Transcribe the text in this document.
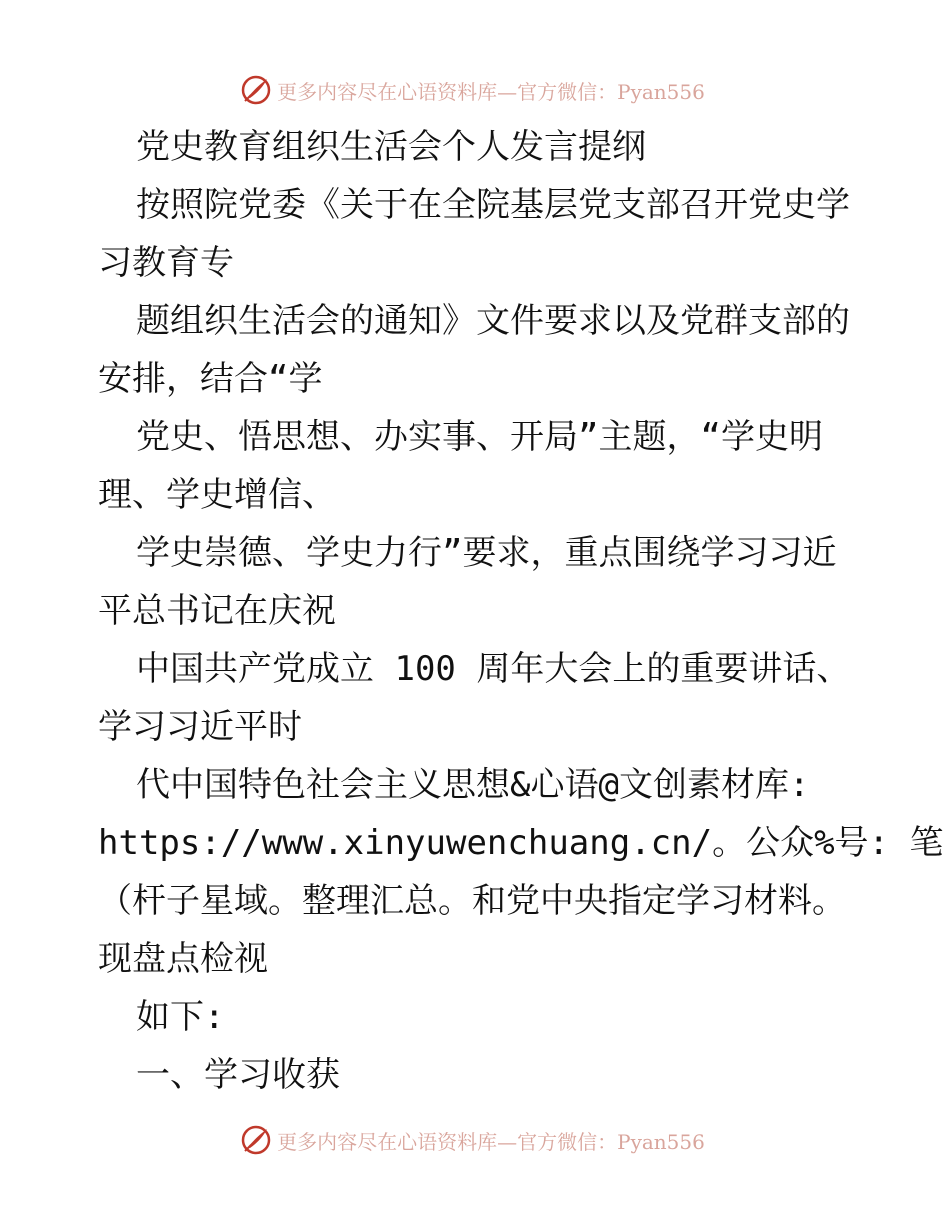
更多内容尽在心语资料库—官方微信：Pyan556
党史教育组织生活会个人发言提纲
按照院党委《关于在全院基层党支部召开党史学
习教育专
题组织生活会的通知》文件要求以及党群支部的
安排，结合“学
党史、悟思想、办实事、开局”主题，“学史明
理、学史增信、
学史崇德、学史力行”要求，重点围绕学习习近
平总书记在庆祝
中国共产党成立 100 周年大会上的重要讲话、
学习习近平时
代中国特色社会主义思想&心语@文创素材库:
https://www.xinyuwenchuang.cn/。公众%号: 笔
（杆子星域。整理汇总。和党中央指定学习材料。
现盘点检视
如下:
一、学习收获
更多内容尽在心语资料库—官方微信：Pyan556
